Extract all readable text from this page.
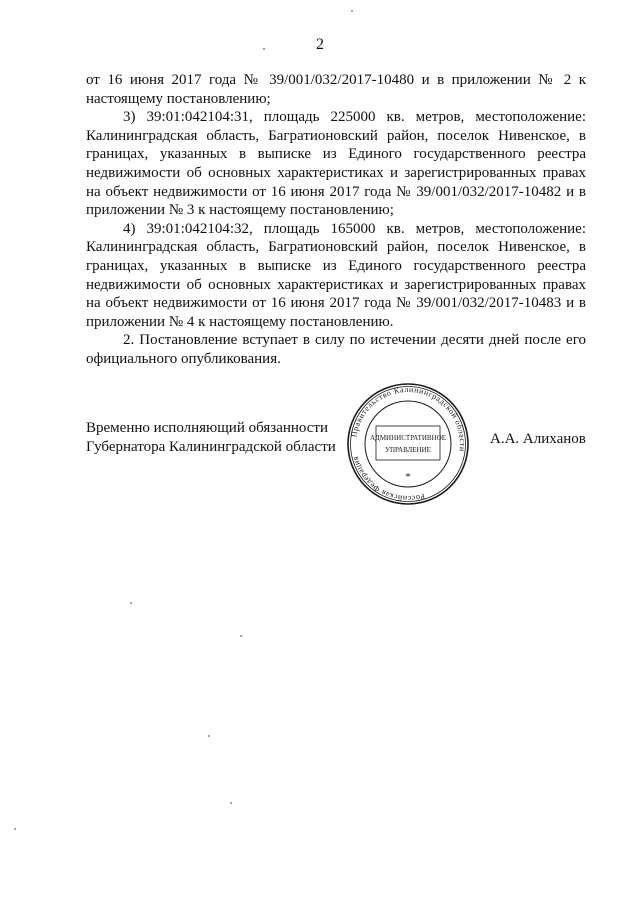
2

от 16 июня 2017 года № 39/001/032/2017-10480 и в приложении № 2 к настоящему постановлению;

3) 39:01:042104:31, площадь 225000 кв. метров, местоположение: Калининградская область, Багратионовский район, поселок Нивенское, в границах, указанных в выписке из Единого государственного реестра недвижимости об основных характеристиках и зарегистрированных правах на объект недвижимости от 16 июня 2017 года № 39/001/032/2017-10482 и в приложении № 3 к настоящему постановлению;

4) 39:01:042104:32, площадь 165000 кв. метров, местоположение: Калининградская область, Багратионовский район, поселок Нивенское, в границах, указанных в выписке из Единого государственного реестра недвижимости об основных характеристиках и зарегистрированных правах на объект недвижимости от 16 июня 2017 года № 39/001/032/2017-10483 и в приложении № 4 к настоящему постановлению.

2. Постановление вступает в силу по истечении десяти дней после его официального опубликования.

Временно исполняющий обязанности
Губернатора Калининградской области	А.А. Алиханов
Правительство Калининградской области
Российская Федерация
АДМИНИСТРАТИВНОЕ
УПРАВЛЕНИЕ
*
